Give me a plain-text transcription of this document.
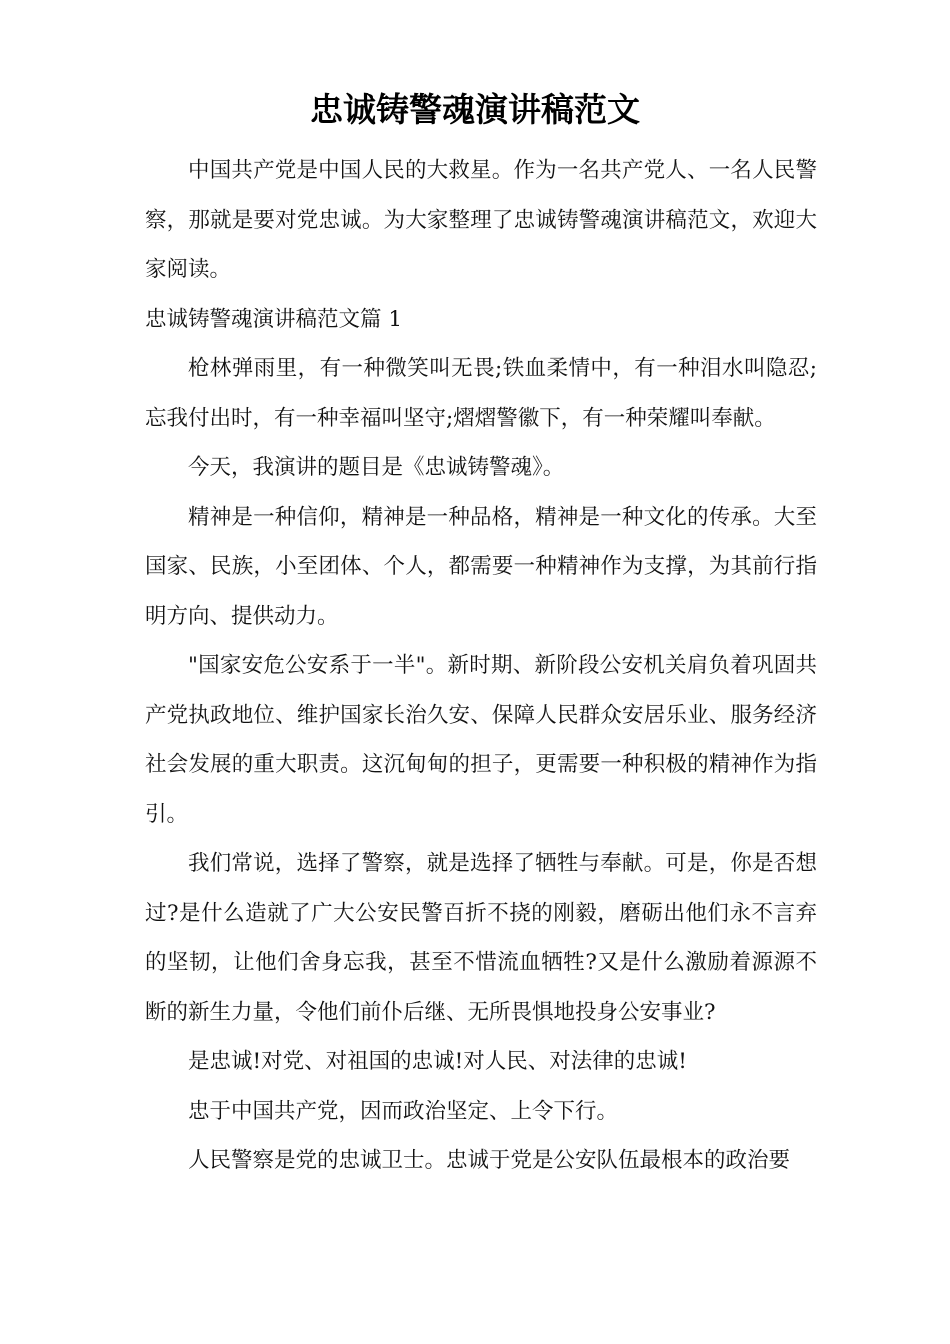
忠诚铸警魂演讲稿范文

中国共产党是中国人民的大救星。作为一名共产党人、一名人民警察，那就是要对党忠诚。为大家整理了忠诚铸警魂演讲稿范文，欢迎大家阅读。

忠诚铸警魂演讲稿范文篇 1

枪林弹雨里，有一种微笑叫无畏;铁血柔情中，有一种泪水叫隐忍;忘我付出时，有一种幸福叫坚守;熠熠警徽下，有一种荣耀叫奉献。

今天，我演讲的题目是《忠诚铸警魂》。

精神是一种信仰，精神是一种品格，精神是一种文化的传承。大至国家、民族，小至团体、个人，都需要一种精神作为支撑，为其前行指明方向、提供动力。

"国家安危公安系于一半"。新时期、新阶段公安机关肩负着巩固共产党执政地位、维护国家长治久安、保障人民群众安居乐业、服务经济社会发展的重大职责。这沉甸甸的担子，更需要一种积极的精神作为指引。

我们常说，选择了警察，就是选择了牺牲与奉献。可是，你是否想过?是什么造就了广大公安民警百折不挠的刚毅，磨砺出他们永不言弃的坚韧，让他们舍身忘我，甚至不惜流血牺牲?又是什么激励着源源不断的新生力量，令他们前仆后继、无所畏惧地投身公安事业?

是忠诚!对党、对祖国的忠诚!对人民、对法律的忠诚!

忠于中国共产党，因而政治坚定、上令下行。

人民警察是党的忠诚卫士。忠诚于党是公安队伍最根本的政治要
